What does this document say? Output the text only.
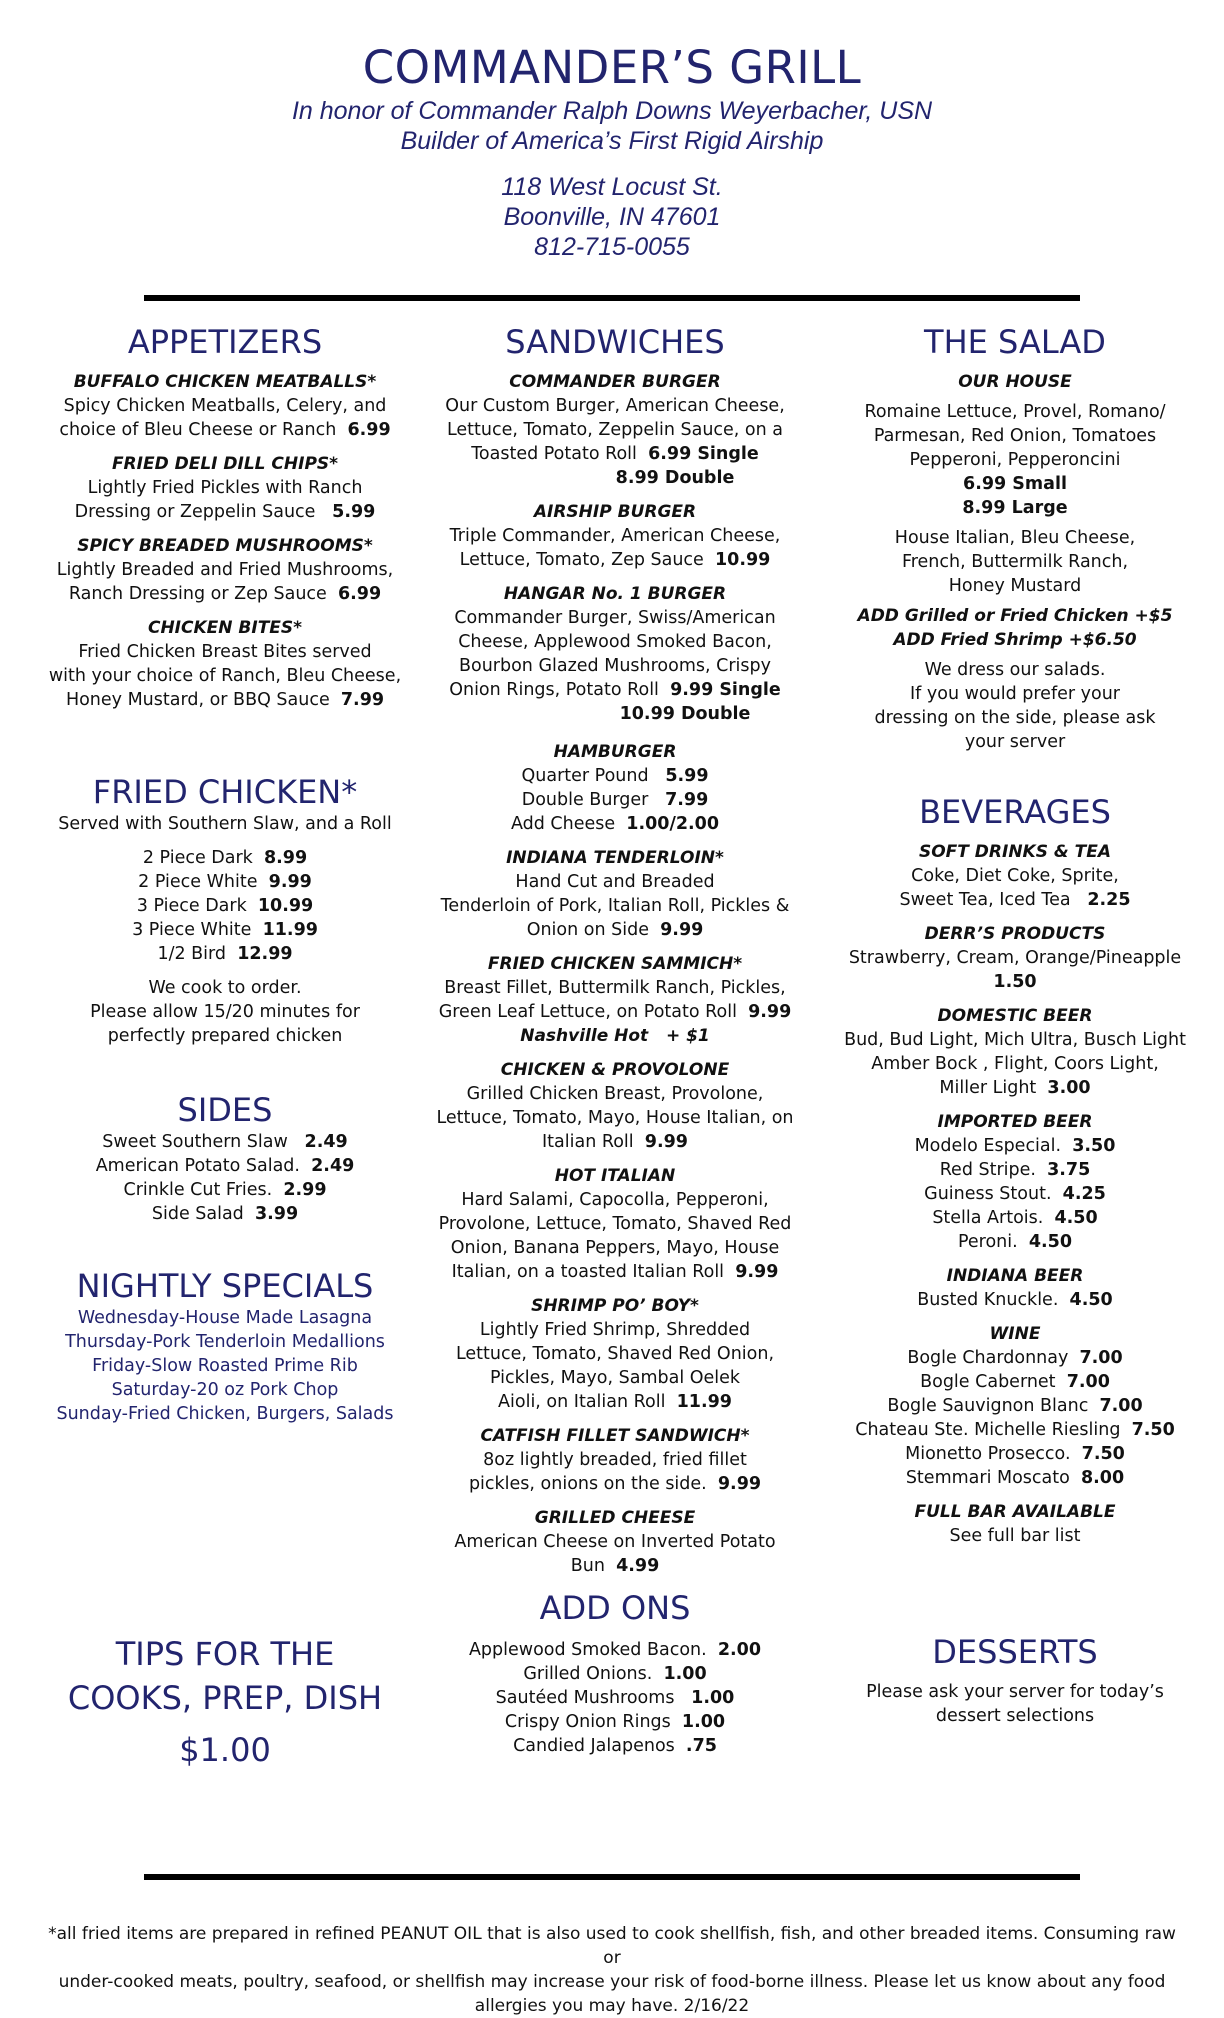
COMMANDER’S GRILL
In honor of Commander Ralph Downs Weyerbacher, USN
Builder of America’s First Rigid Airship
118 West Locust St.
Boonville, IN 47601
812-715-0055
APPETIZERS
BUFFALO CHICKEN MEATBALLS*
Spicy Chicken Meatballs, Celery, and
choice of Bleu Cheese or Ranch 6.99
FRIED DELI DILL CHIPS*
Lightly Fried Pickles with Ranch
Dressing or Zeppelin Sauce 5.99
SPICY BREADED MUSHROOMS*
Lightly Breaded and Fried Mushrooms,
Ranch Dressing or Zep Sauce 6.99
CHICKEN BITES*
Fried Chicken Breast Bites served
with your choice of Ranch, Bleu Cheese,
Honey Mustard, or BBQ Sauce 7.99
FRIED CHICKEN*
Served with Southern Slaw, and a Roll
2 Piece Dark 8.99
2 Piece White 9.99
3 Piece Dark 10.99
3 Piece White 11.99
1/2 Bird 12.99
We cook to order.
Please allow 15/20 minutes for
perfectly prepared chicken
SIDES
Sweet Southern Slaw 2.49
American Potato Salad. 2.49
Crinkle Cut Fries. 2.99
Side Salad 3.99
NIGHTLY SPECIALS
Wednesday-House Made Lasagna
Thursday-Pork Tenderloin Medallions
Friday-Slow Roasted Prime Rib
Saturday-20 oz Pork Chop
Sunday-Fried Chicken, Burgers, Salads
TIPS FOR THE
COOKS, PREP, DISH
$1.00
SANDWICHES
COMMANDER BURGER
Our Custom Burger, American Cheese,
Lettuce, Tomato, Zeppelin Sauce, on a
Toasted Potato Roll 6.99 Single
8.99 Double
AIRSHIP BURGER
Triple Commander, American Cheese,
Lettuce, Tomato, Zep Sauce 10.99
HANGAR No. 1 BURGER
Commander Burger, Swiss/American
Cheese, Applewood Smoked Bacon,
Bourbon Glazed Mushrooms, Crispy
Onion Rings, Potato Roll 9.99 Single
10.99 Double
HAMBURGER
Quarter Pound 5.99
Double Burger 7.99
Add Cheese 1.00/2.00
INDIANA TENDERLOIN*
Hand Cut and Breaded
Tenderloin of Pork, Italian Roll, Pickles &
Onion on Side 9.99
FRIED CHICKEN SAMMICH*
Breast Fillet, Buttermilk Ranch, Pickles,
Green Leaf Lettuce, on Potato Roll 9.99
Nashville Hot   + $1
CHICKEN & PROVOLONE
Grilled Chicken Breast, Provolone,
Lettuce, Tomato, Mayo, House Italian, on
Italian Roll 9.99
HOT ITALIAN
Hard Salami, Capocolla, Pepperoni,
Provolone, Lettuce, Tomato, Shaved Red
Onion, Banana Peppers, Mayo, House
Italian, on a toasted Italian Roll 9.99
SHRIMP PO’ BOY*
Lightly Fried Shrimp, Shredded
Lettuce, Tomato, Shaved Red Onion,
Pickles, Mayo, Sambal Oelek
Aioli, on Italian Roll 11.99
CATFISH FILLET SANDWICH*
8oz lightly breaded, fried fillet
pickles, onions on the side. 9.99
GRILLED CHEESE
American Cheese on Inverted Potato
Bun 4.99
ADD ONS
Applewood Smoked Bacon. 2.00
Grilled Onions. 1.00
Sautéed Mushrooms 1.00
Crispy Onion Rings 1.00
Candied Jalapenos .75
THE SALAD
OUR HOUSE
Romaine Lettuce, Provel, Romano/
Parmesan, Red Onion, Tomatoes
Pepperoni, Pepperoncini
6.99 Small
8.99 Large
House Italian, Bleu Cheese,
French, Buttermilk Ranch,
Honey Mustard
ADD Grilled or Fried Chicken +$5
ADD Fried Shrimp +$6.50
We dress our salads.
If you would prefer your
dressing on the side, please ask
your server
BEVERAGES
SOFT DRINKS & TEA
Coke, Diet Coke, Sprite,
Sweet Tea, Iced Tea 2.25
DERR’S PRODUCTS
Strawberry, Cream, Orange/Pineapple
1.50
DOMESTIC BEER
Bud, Bud Light, Mich Ultra, Busch Light
Amber Bock , Flight, Coors Light,
Miller Light 3.00
IMPORTED BEER
Modelo Especial. 3.50
Red Stripe. 3.75
Guiness Stout. 4.25
Stella Artois. 4.50
Peroni. 4.50
INDIANA BEER
Busted Knuckle. 4.50
WINE
Bogle Chardonnay 7.00
Bogle Cabernet 7.00
Bogle Sauvignon Blanc 7.00
Chateau Ste. Michelle Riesling 7.50
Mionetto Prosecco. 7.50
Stemmari Moscato 8.00
FULL BAR AVAILABLE
See full bar list
DESSERTS
Please ask your server for today’s
dessert selections
*all fried items are prepared in refined PEANUT OIL that is also used to cook shellfish, fish, and other breaded items. Consuming raw or
under-cooked meats, poultry, seafood, or shellfish may increase your risk of food-borne illness. Please let us know about any food
allergies you may have. 2/16/22
